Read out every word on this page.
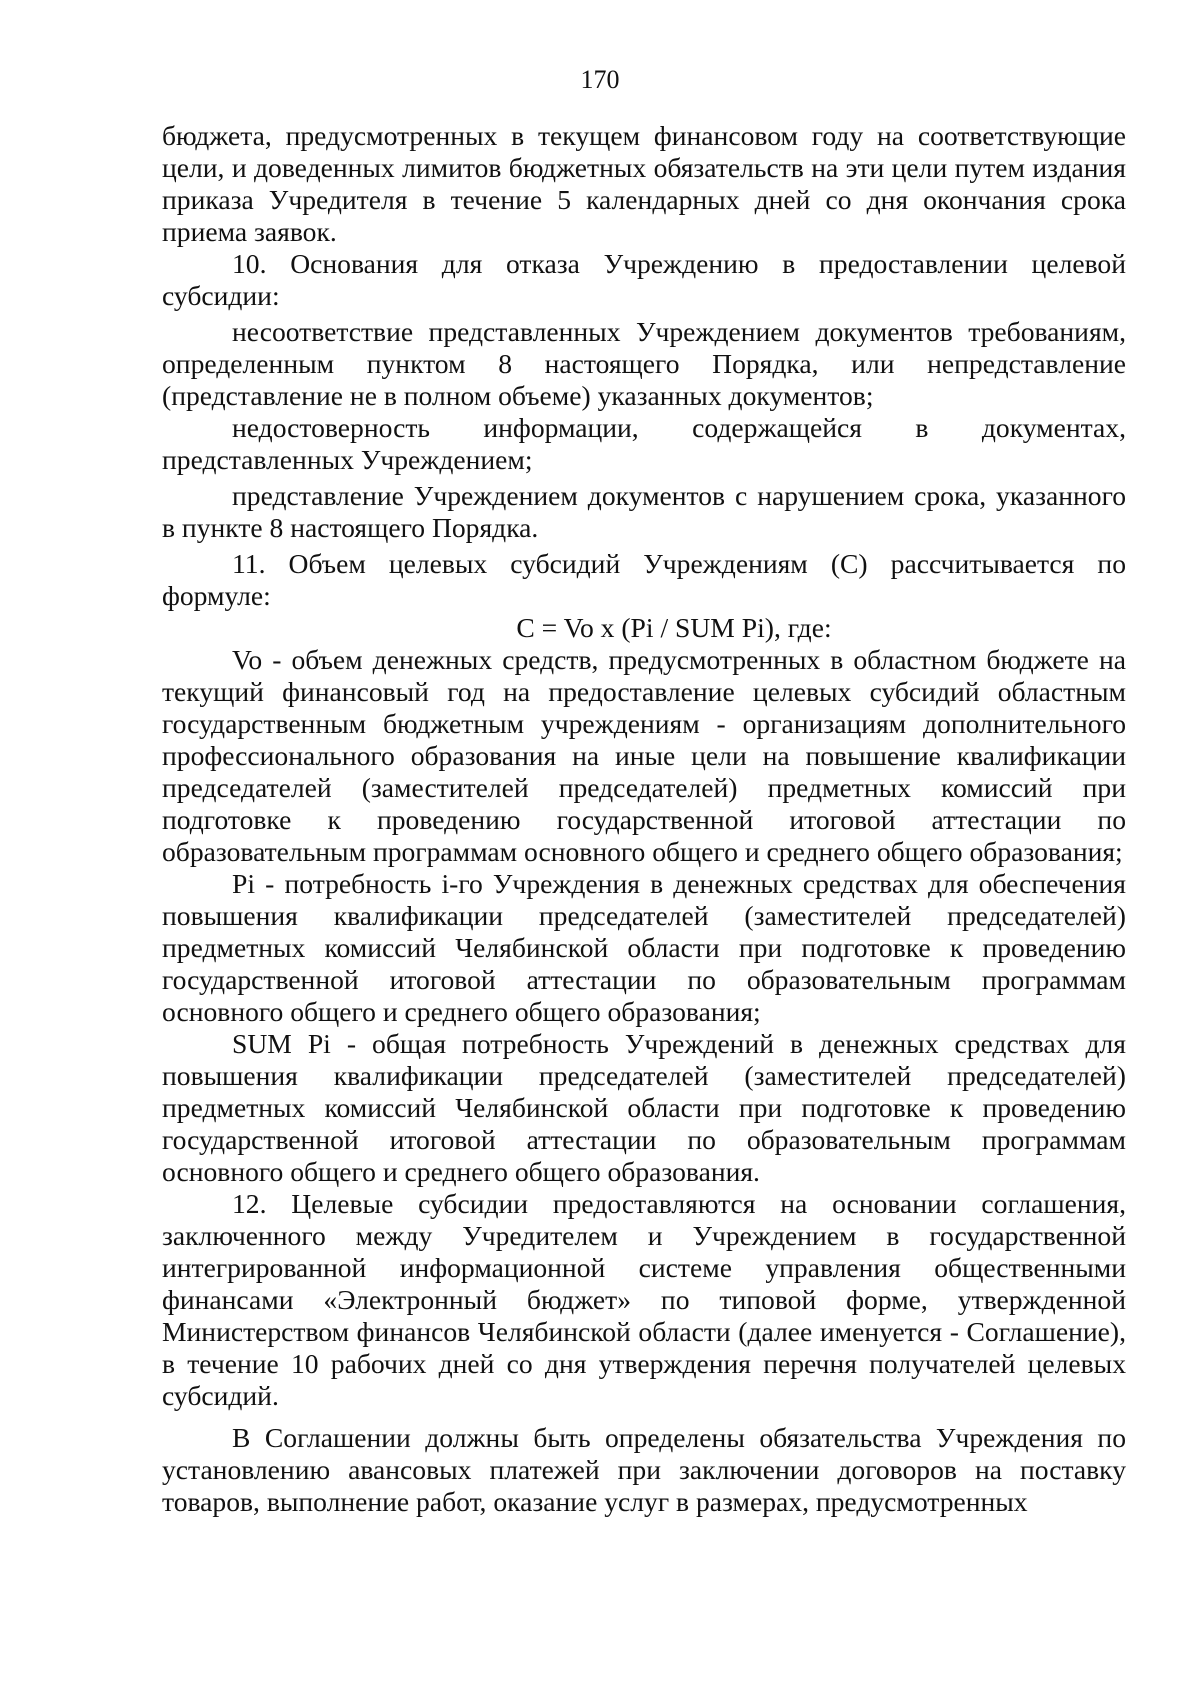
170

бюджета, предусмотренных в текущем финансовом году на соответствующие цели, и доведенных лимитов бюджетных обязательств на эти цели путем издания приказа Учредителя в течение 5 календарных дней со дня окончания срока приема заявок.

10. Основания для отказа Учреждению в предоставлении целевой субсидии:

несоответствие представленных Учреждением документов требованиям, определенным пунктом 8 настоящего Порядка, или непредставление (представление не в полном объеме) указанных документов;

недостоверность информации, содержащейся в документах, представленных Учреждением;

представление Учреждением документов с нарушением срока, указанного в пункте 8 настоящего Порядка.

11. Объем целевых субсидий Учреждениям (С) рассчитывается по формуле:

C = Vo x (Pi / SUM Pi), где:

Vo - объем денежных средств, предусмотренных в областном бюджете на текущий финансовый год на предоставление целевых субсидий областным государственным бюджетным учреждениям - организациям дополнительного профессионального образования на иные цели на повышение квалификации председателей (заместителей председателей) предметных комиссий при подготовке к проведению государственной итоговой аттестации по образовательным программам основного общего и среднего общего образования;

Pi - потребность i-го Учреждения в денежных средствах для обеспечения повышения квалификации председателей (заместителей председателей) предметных комиссий Челябинской области при подготовке к проведению государственной итоговой аттестации по образовательным программам основного общего и среднего общего образования;

SUM Pi - общая потребность Учреждений в денежных средствах для повышения квалификации председателей (заместителей председателей) предметных комиссий Челябинской области при подготовке к проведению государственной итоговой аттестации по образовательным программам основного общего и среднего общего образования.

12. Целевые субсидии предоставляются на основании соглашения, заключенного между Учредителем и Учреждением в государственной интегрированной информационной системе управления общественными финансами «Электронный бюджет» по типовой форме, утвержденной Министерством финансов Челябинской области (далее именуется - Соглашение), в течение 10 рабочих дней со дня утверждения перечня получателей целевых субсидий.

В Соглашении должны быть определены обязательства Учреждения по установлению авансовых платежей при заключении договоров на поставку товаров, выполнение работ, оказание услуг в размерах, предусмотренных
